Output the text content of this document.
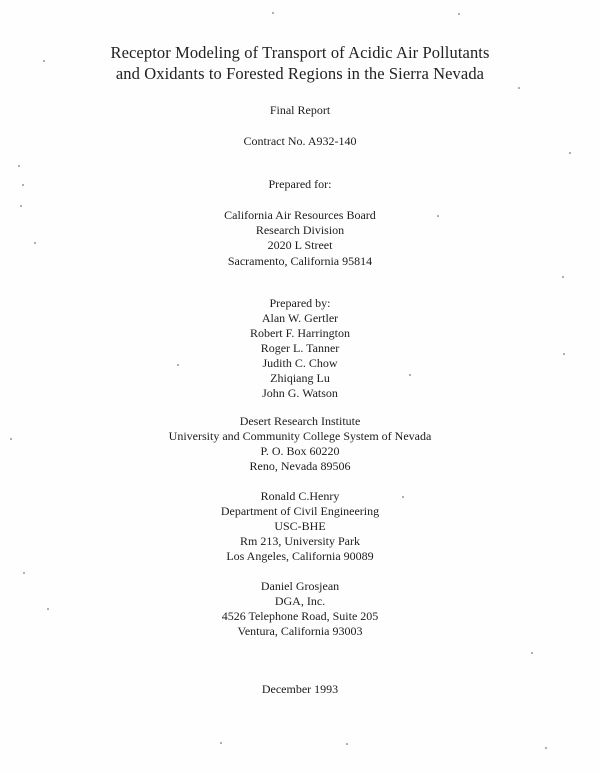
Receptor Modeling of Transport of Acidic Air Pollutants
and Oxidants to Forested Regions in the Sierra Nevada
Final Report
Contract No. A932-140
Prepared for:
California Air Resources Board
Research Division
2020 L Street
Sacramento, California 95814
Prepared by:
Alan W. Gertler
Robert F. Harrington
Roger L. Tanner
Judith C. Chow
Zhiqiang Lu
John G. Watson
Desert Research Institute
University and Community College System of Nevada
P. O. Box 60220
Reno, Nevada 89506
Ronald C.Henry
Department of Civil Engineering
USC-BHE
Rm 213, University Park
Los Angeles, California 90089
Daniel Grosjean
DGA, Inc.
4526 Telephone Road, Suite 205
Ventura, California 93003
December 1993
